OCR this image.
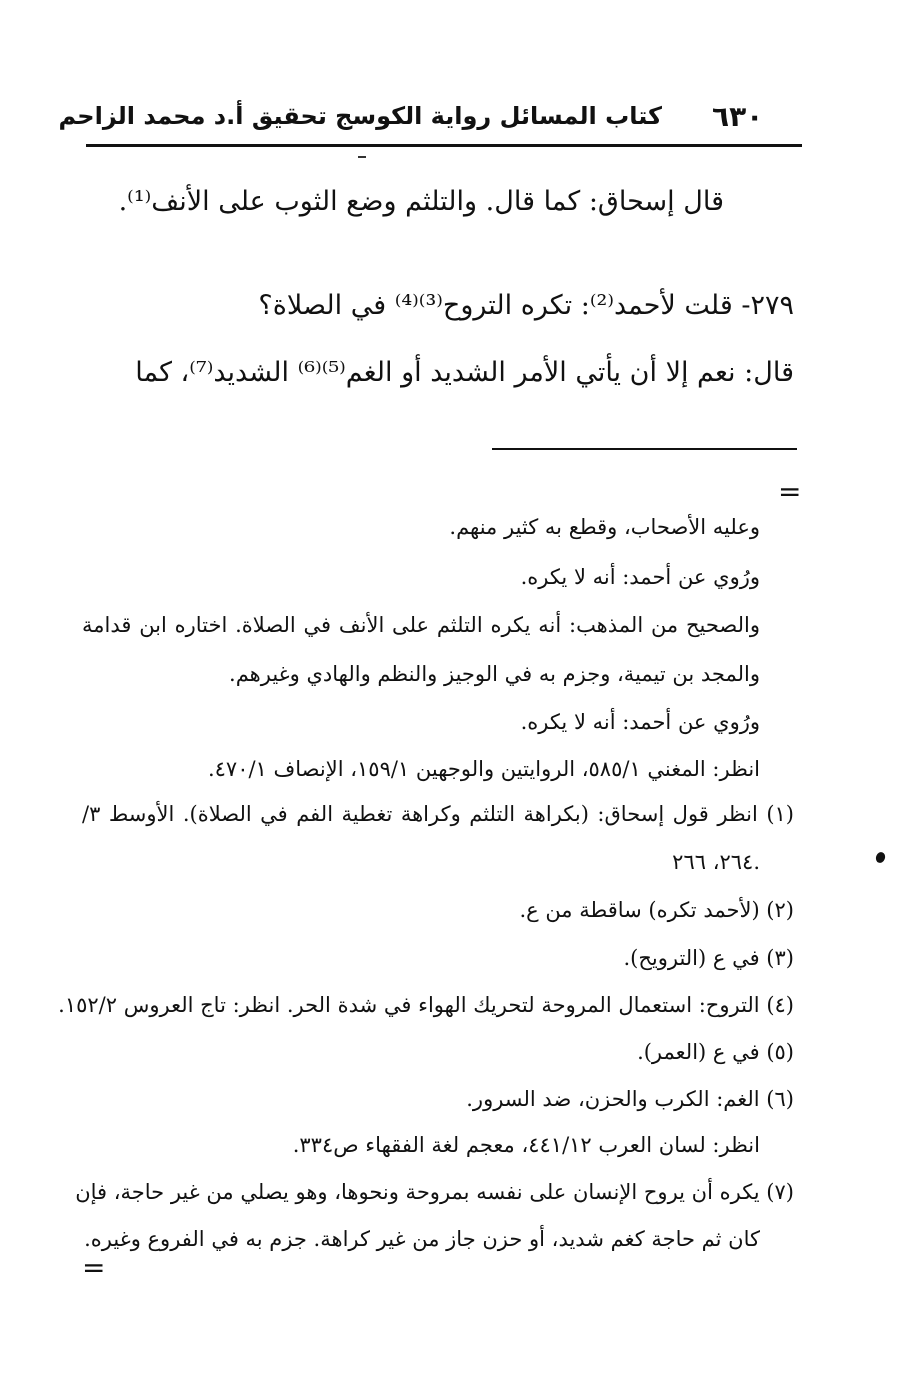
٦٣٠
كتاب المسائل رواية الكوسج تحقيق أ.د محمد الزاحم
قال إسحاق: كما قال. والتلثم وضع الثوب على الأنف⁽¹⁾.
٢٧٩- قلت لأحمد⁽²⁾: تكره التروح⁽³⁾⁽⁴⁾ في الصلاة؟
قال: نعم إلا أن يأتي الأمر الشديد أو الغم⁽⁵⁾⁽⁶⁾ الشديد⁽⁷⁾، كما
=
وعليه الأصحاب، وقطع به كثير منهم.
ورُوي عن أحمد: أنه لا يكره.
والصحيح من المذهب: أنه يكره التلثم على الأنف في الصلاة. اختاره ابن قدامة
والمجد بن تيمية، وجزم به في الوجيز والنظم والهادي وغيرهم.
ورُوي عن أحمد: أنه لا يكره.
انظر: المغني ٥٨٥/١، الروايتين والوجهين ١٥٩/١، الإنصاف ٤٧٠/١.
(١) انظر قول إسحاق: (بكراهة التلثم وكراهة تغطية الفم في الصلاة). الأوسط ٣/
٢٦٤، ٢٦٦.
(٢) (لأحمد تكره) ساقطة من ع.
(٣) في ع (الترويح).
(٤) التروح: استعمال المروحة لتحريك الهواء في شدة الحر. انظر: تاج العروس ١٥٢/٢.
(٥) في ع (العمر).
(٦) الغم: الكرب والحزن، ضد السرور.
انظر: لسان العرب ٤٤١/١٢، معجم لغة الفقهاء ص٣٣٤.
(٧) يكره أن يروح الإنسان على نفسه بمروحة ونحوها، وهو يصلي من غير حاجة، فإن
كان ثم حاجة كغم شديد، أو حزن جاز من غير كراهة. جزم به في الفروع وغيره.
=
